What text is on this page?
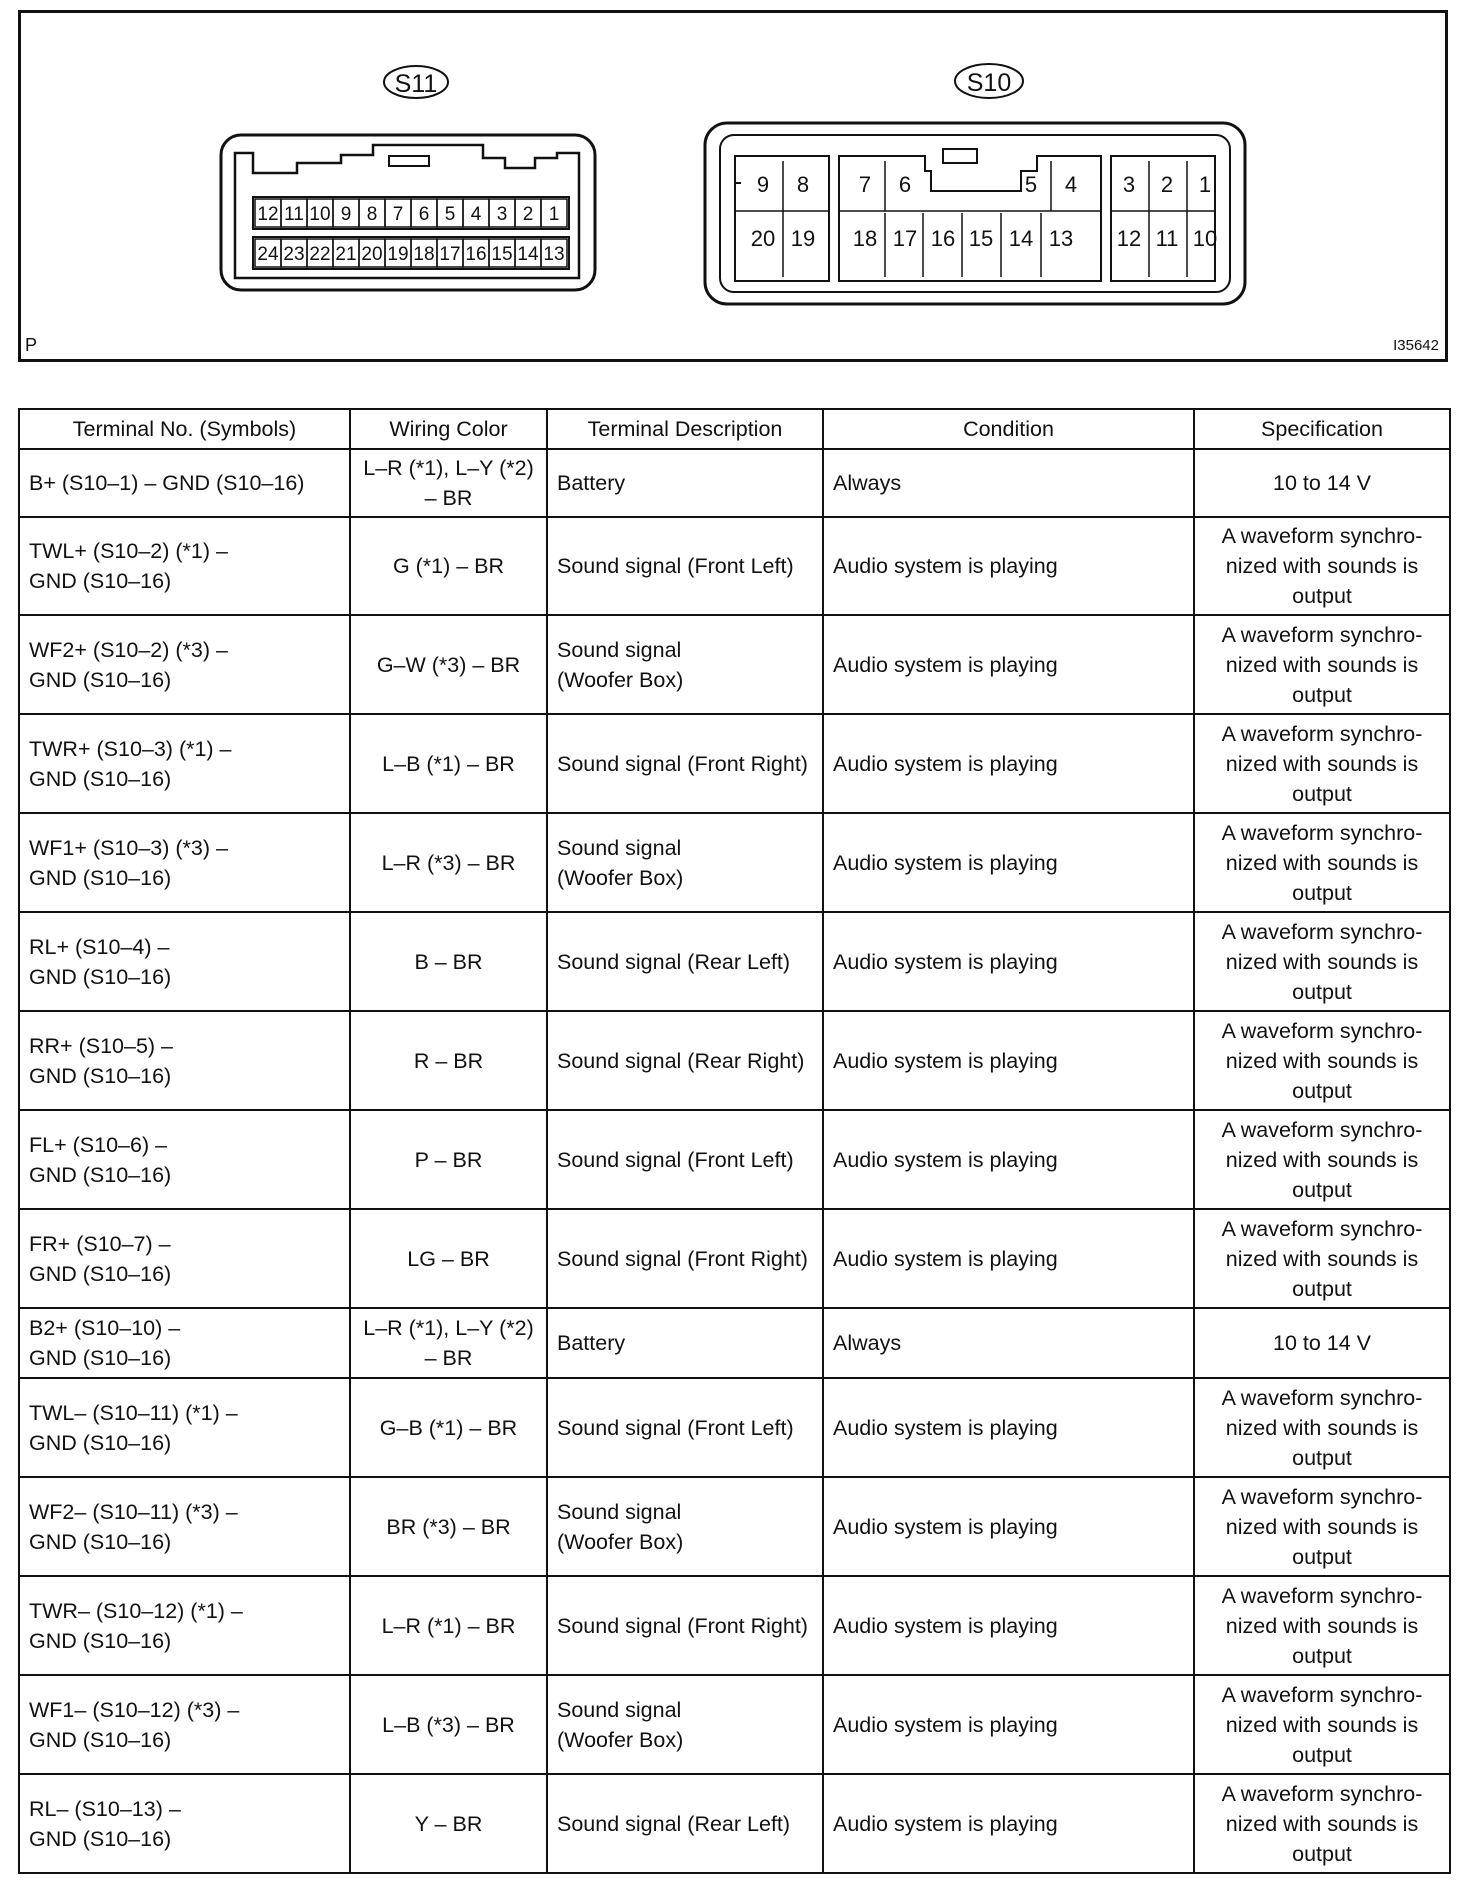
S11
12 11 10 9 8 7 6 5 4 3 2 1
24 23 22 21 20 19 18 17 16 15 14 13
S10
9 8
20 19
7 6
18 17 16 15 14 13
5 4 3 2 1
12 11 10
P	I35642
Terminal No. (Symbols)	Wiring Color	Terminal Description	Condition	Specification
B+ (S10–1) – GND (S10–16)	L–R (*1), L–Y (*2)
– BR	Battery	Always	10 to 14 V
TWL+ (S10–2) (*1) –
GND (S10–16)	G (*1) – BR	Sound signal (Front Left)	Audio system is playing	A waveform synchro-
nized with sounds is
output
WF2+ (S10–2) (*3) –
GND (S10–16)	G–W (*3) – BR	Sound signal
(Woofer Box)	Audio system is playing	A waveform synchro-
nized with sounds is
output
TWR+ (S10–3) (*1) –
GND (S10–16)	L–B (*1) – BR	Sound signal (Front Right)	Audio system is playing	A waveform synchro-
nized with sounds is
output
WF1+ (S10–3) (*3) –
GND (S10–16)	L–R (*3) – BR	Sound signal
(Woofer Box)	Audio system is playing	A waveform synchro-
nized with sounds is
output
RL+ (S10–4) –
GND (S10–16)	B – BR	Sound signal (Rear Left)	Audio system is playing	A waveform synchro-
nized with sounds is
output
RR+ (S10–5) –
GND (S10–16)	R – BR	Sound signal (Rear Right)	Audio system is playing	A waveform synchro-
nized with sounds is
output
FL+ (S10–6) –
GND (S10–16)	P – BR	Sound signal (Front Left)	Audio system is playing	A waveform synchro-
nized with sounds is
output
FR+ (S10–7) –
GND (S10–16)	LG – BR	Sound signal (Front Right)	Audio system is playing	A waveform synchro-
nized with sounds is
output
B2+ (S10–10) –
GND (S10–16)	L–R (*1), L–Y (*2)
– BR	Battery	Always	10 to 14 V
TWL– (S10–11) (*1) –
GND (S10–16)	G–B (*1) – BR	Sound signal (Front Left)	Audio system is playing	A waveform synchro-
nized with sounds is
output
WF2– (S10–11) (*3) –
GND (S10–16)	BR (*3) – BR	Sound signal
(Woofer Box)	Audio system is playing	A waveform synchro-
nized with sounds is
output
TWR– (S10–12) (*1) –
GND (S10–16)	L–R (*1) – BR	Sound signal (Front Right)	Audio system is playing	A waveform synchro-
nized with sounds is
output
WF1– (S10–12) (*3) –
GND (S10–16)	L–B (*3) – BR	Sound signal
(Woofer Box)	Audio system is playing	A waveform synchro-
nized with sounds is
output
RL– (S10–13) –
GND (S10–16)	Y – BR	Sound signal (Rear Left)	Audio system is playing	A waveform synchro-
nized with sounds is
output
